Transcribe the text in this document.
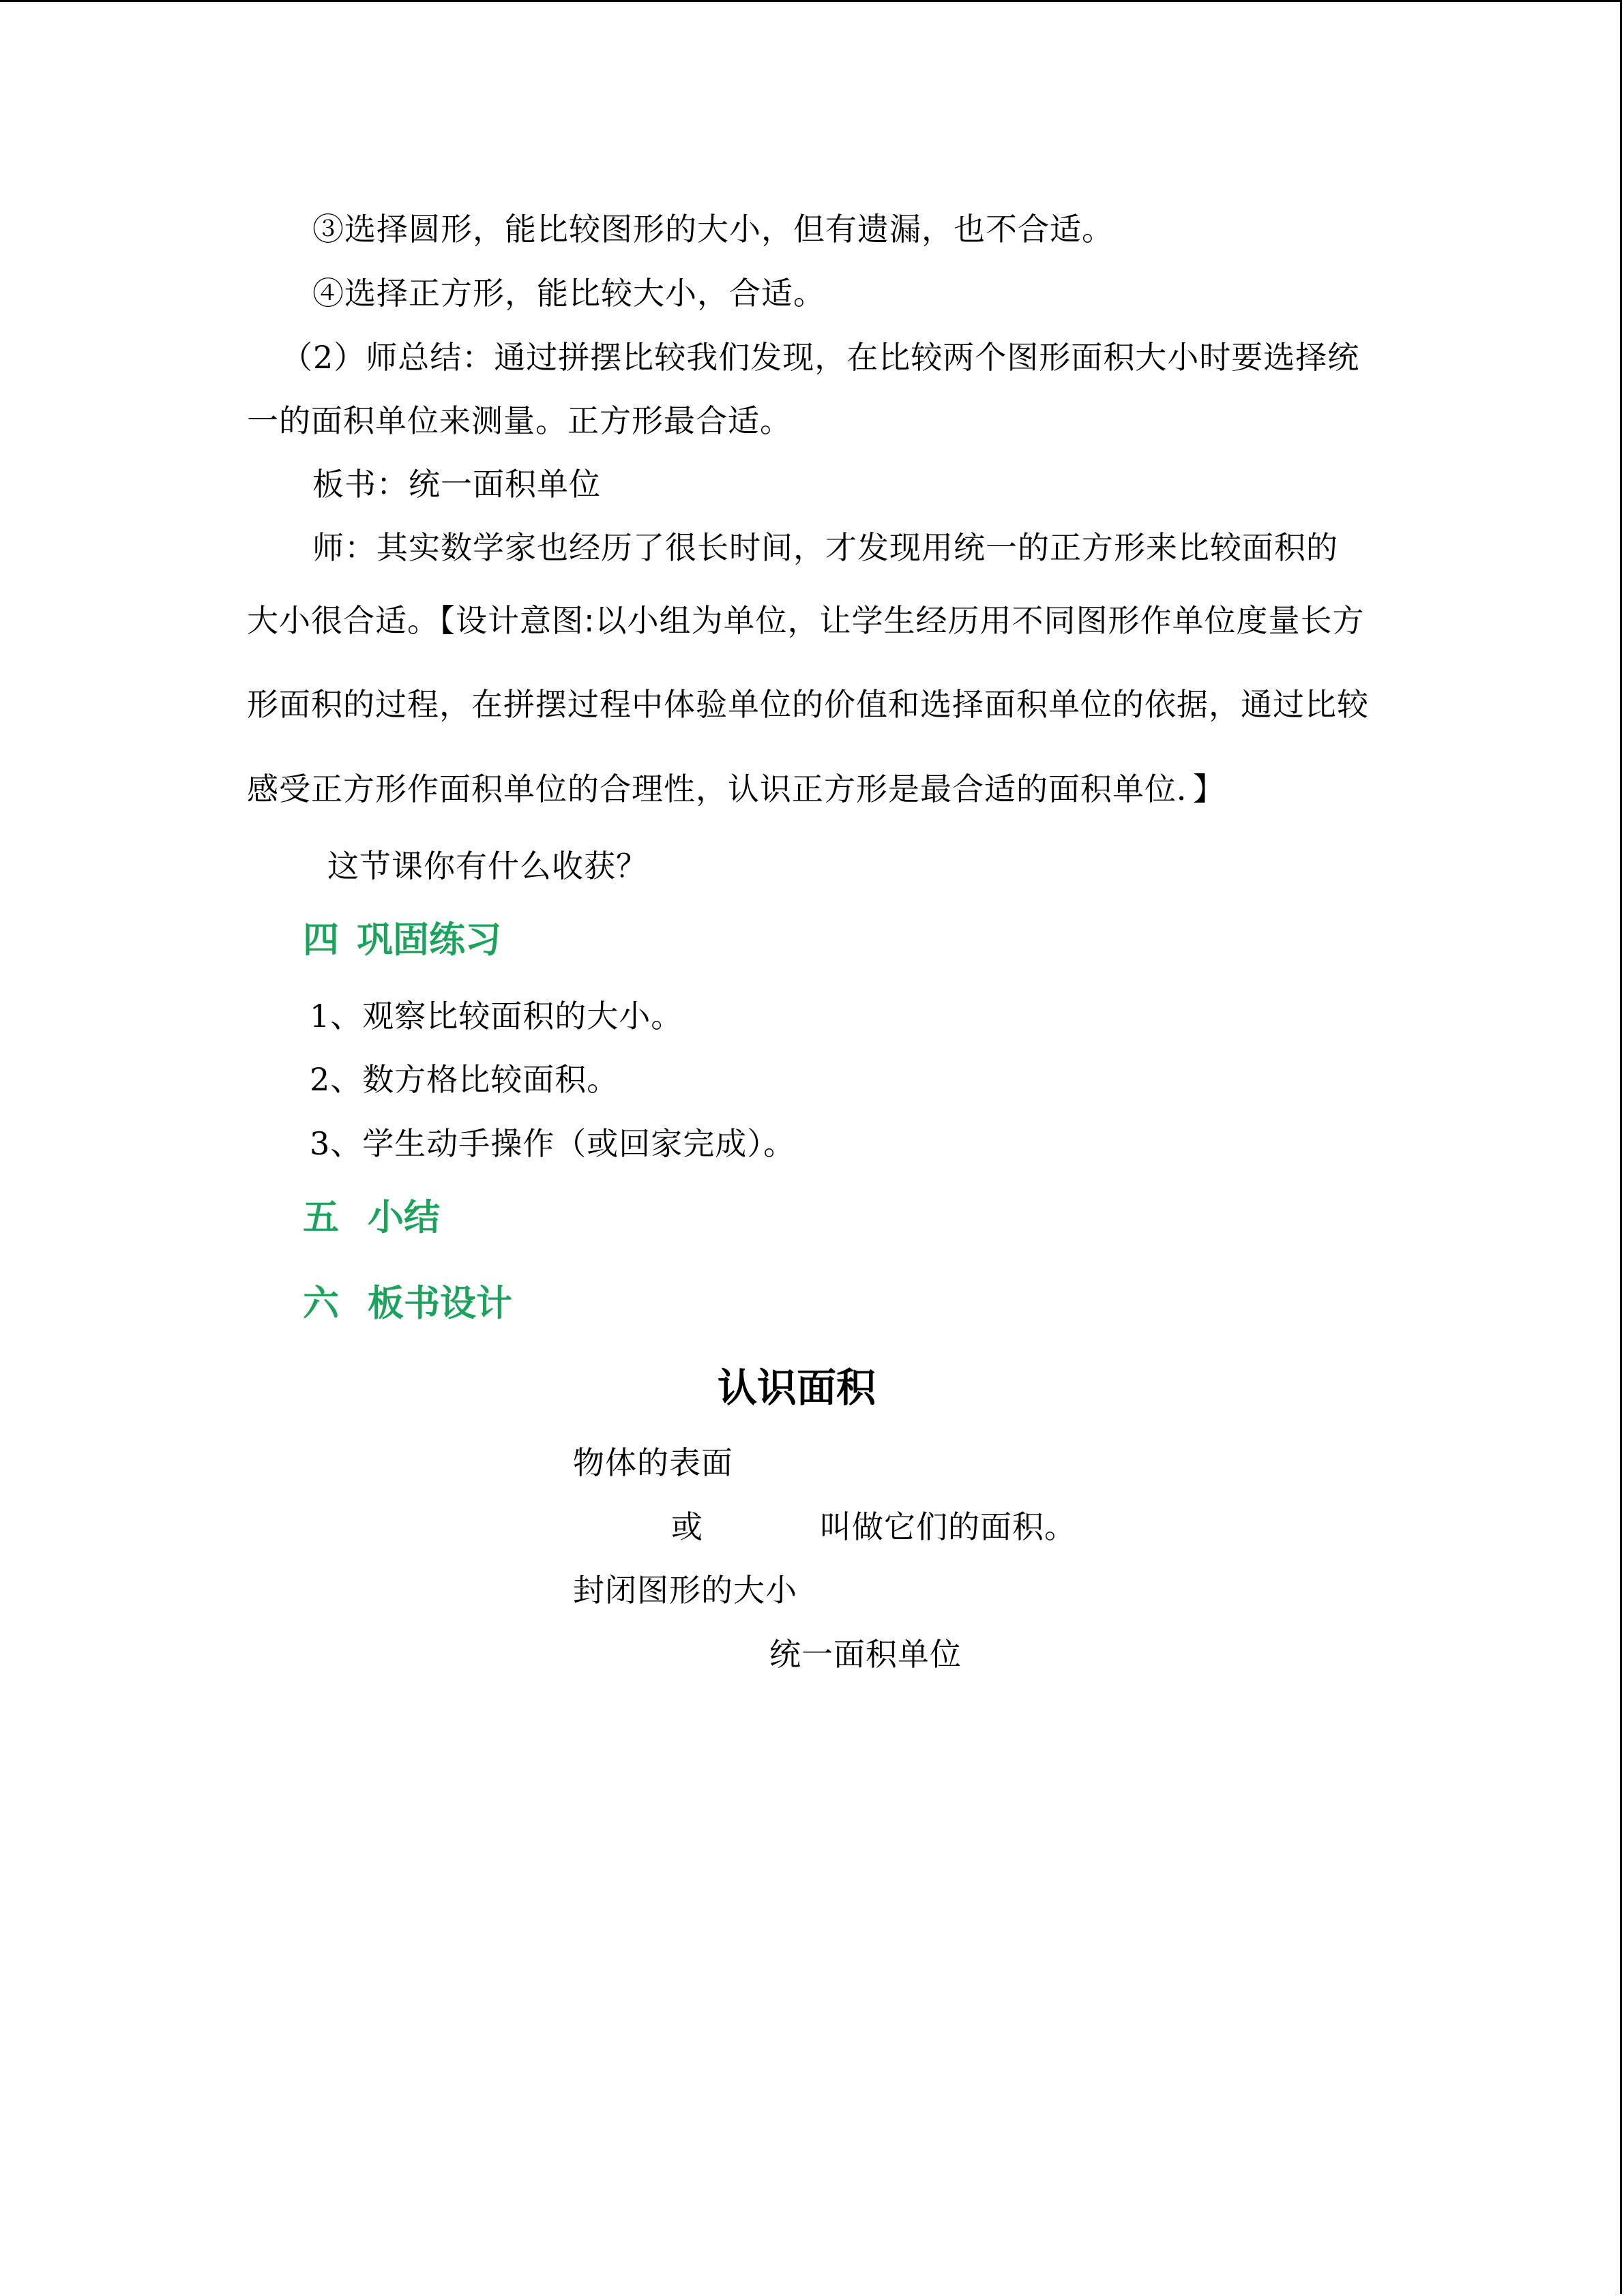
③选择圆形，能比较图形的大小，但有遗漏，也不合适。
④选择正方形，能比较大小，合适。
（2）师总结：通过拼摆比较我们发现，在比较两个图形面积大小时要选择统
一的面积单位来测量。正方形最合适。
板书：统一面积单位
师：其实数学家也经历了很长时间，才发现用统一的正方形来比较面积的
大小很合适。【设计意图:以小组为单位，让学生经历用不同图形作单位度量长方
形面积的过程，在拼摆过程中体验单位的价值和选择面积单位的依据，通过比较
感受正方形作面积单位的合理性，认识正方形是最合适的面积单位．】
这节课你有什么收获？
四 巩固练习
1、观察比较面积的大小。
2、数方格比较面积。
3、学生动手操作（或回家完成）。
五 小结
六 板书设计
认识面积
物体的表面
或	叫做它们的面积。
封闭图形的大小
统一面积单位
